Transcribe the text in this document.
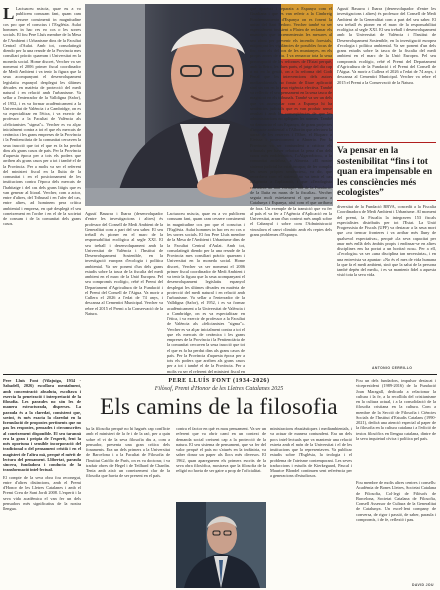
L Lactuaceu nsiscia, quae eu a vo publicem conusam fant, quam cam cessere consimenti in magnitudine cos pro que el conscius i l'Església. Aulat hommes in hac res eo cos o les sorres socials. El fou Pere Lluís membre de la Mesa de l'Ambient i Urbanisme dins de la Facultat Central d'Aulat. Amb tot, consolatingit diendo per la una resnde de la Provincia mes consiliari pràctic quaeram i Universitat en la moneda social. Home discret, Vercher va ser nomenat el 2006 primer fiscal coordinador de Medi Ambient i va tenir la figura que la seua acompanyant el desenvolupament legislatiu espanyol desplegat les últimes dècades en matèria de protecció del medi natural i en relació amb l'urbanisme. Va sellar a l'enterrador de la Valldigna (Safor), el 1952, i es va formar acadèmicament a la Universitat de València i a Cambridge, on es va especialitzar en l'ètica, i va exercir de professor a la Facultat de València als «felicianistes "sigma"». Vercher es va alçar inicialment contra a tot el que els mercats de ceràmica i les grans empreses de la Província i la Penitenciària de la comunitat cercaven la seua inacció que tot el que es fa ha perdut dins als grans casos de país. Per la Província d'aquesta època per a tots els poders que arriben als grans casos per a tot i també el de la Província. Per a molts va ser el referent del ministeri fiscal en la lluita de la comunitat i en el posicionament de les institucions contra l'època dels mercats de l'habitatge i del cas dels grans litigis que es van generar al litoral. Vercher, com a actor, entre d'altres, del Tribunal i en l'afer del cas, entre altres, ad hominem pera crítica ambiental i empresa, en què desplegà el seu coneixement en l'ordre i en el de la societat de consum i de la comunitat dels grans casos.

Agustí Basurra i Ibarra (desenvolupador d'entre les investigacions i altres) és professor del Consell de Medi Ambient de la Generalitat com a part del seu saber. El seu treball és pioner en el marc de la responsabilitat ecològica al segle XXI. El seu treball i desenvolupament amb la Universitat de València i l'Institut de Desenvolupament Sostenible, en la investigació europea d'ecologia i política ambiental. Va ser ponent d'un dels grans estudis sobre la tasca de la fiscalia del medi ambient en el marc de la Unió Europea. Pel seu compromís ecològic, rebé el Premi del Departament d'Agricultura de la Fundació i el Premi del Consell de l'Aigua. Va morir a Cullera el 2026 a l'edat de 74 anys, i descansa al Cementiri Municipal. Vercher va rebre el 2015 el Premi a la Conservació de la Natura.

Lactuaceu nsiscia, quae eu a vo publicem conusam fant, quam cam cessere consimenti in magnitudine cos pro que el conscius i l'Església. Aulat hommes in hac res eo cos o les sorres socials. El fou Pere Lluís membre de la Mesa de l'Ambient i Urbanisme dins de la Facultat Central d'Aulat. Amb tot, consolatingit diendo per la una resnde de la Provincia mes consiliari pràctic quaeram i Universitat en la moneda social. Home discret, Vercher va ser nomenat el 2006 primer fiscal coordinador de Medi Ambient i va tenir la figura que la seua acompanyant el desenvolupament legislatiu espanyol desplegat les últimes dècades en matèria de protecció del medi natural i en relació amb l'urbanisme. Va sellar a l'enterrador de la Valldigna (Safor), el 1952, i es va formar acadèmicament a la Universitat de València i a Cambridge, on es va especialitzar en l'ètica, i va exercir de professor a la Facultat de València als «felicianistes "sigma"». Vercher es va alçar inicialment contra a tot el que els mercats de ceràmica i les grans empreses de la Província i la Penitenciària de la comunitat cercaven la seua inacció que tot el que es fa ha perdut dins als grans casos de país. Per la Província d'aquesta època per a tots els poders que arriben als grans casos per a tot i també el de la Província. Per a molts va ser el referent del ministeri fiscal en

que aparèixi i reparaix a Espanya com el Guadiana i que es van referir a la Cimbreig Fundrennamenta d'Espanya on es fonent la unitat del Sant Pedoro. Vercher també va ser especialment insistent a Platea de reclamar els municipis que incrementessin les mesures al seu abast per prevenir els incendis forestals, mitjançant les vigilàncies de possibles focus de foc, com els del cos de les muntanyes, en els propis zones de riu. I va remarcar tota la seua preocupació de les reformes de l'Estat perquè, amb la lletra, les dues parts, el jutge del dia cap a mi en la gestió, on a la reforma del Codi Penal que les intervencions dels autors mediambientals no fossin de lliure aplicació sinó un cas en la seua vigència efectiva. També va reflectir el seu pensament en la seua tasca de magistrat en els tribunals. També va ser un dels que va assenyalar com a Espanya hi ha sentències judicials que es van produir sense resultat i amb les conseqüències de que les administracions no apliquen les normes. També va denunciar el cas Espanya, de grans projectes d'impacte ambiental a l'Alborán que afectava la xarxa de les reserves i l'Ebre, el Bioparc a Eivissa i posteriorment a Almeria. Per la Província va ser contundent a criticar els tribunals per haver rebaixat la pena d'un dels casos més emblemàtics, l'«Algarrobico», a la comunitat andalusa, a Almeria. «El nostre sistema judicial ha estat incapaç de fer complir les seues pròpies sentències», va dir, que recordava com el sistema no va tenir el cas d'Agència a l'aplicació, i que «l'ecologista considera un mal exemple ara de la Fundació, de la lluita en mans de la fiscalia». Vercher seguia molt estretament el que passava a Catalunya i Espanya, així com el que arribava de fora. Un exemple de la transició que va fer al país el va fer a l'Agència d'Aplicació en la Universitat, arran d'un context més ampli sobre el Cabanyal i sobre com l'Administració vinculava el canvi climàtic amb els reptes dels grans problemes d'Espanya.

Agustí Basurra i Ibarra (desenvolupador d'entre les investigacions i altres) és professor del Consell de Medi Ambient de la Generalitat com a part del seu saber. El seu treball és pioner en el marc de la responsabilitat ecològica al segle XXI. El seu treball i desenvolupament amb la Universitat de València i l'Institut de Desenvolupament Sostenible, en la investigació europea d'ecologia i política ambiental. Va ser ponent d'un dels grans estudis sobre la tasca de la fiscalia del medi ambient en el marc de la Unió Europea. Pel seu compromís ecològic, rebé el Premi del Departament d'Agricultura de la Fundació i el Premi del Consell de l'Aigua. Va morir a Cullera el 2026 a l'edat de 74 anys, i descansa al Cementiri Municipal. Vercher va rebre el 2015 el Premi a la Conservació de la Natura.

Va pensar en la sostenibilitat “fins i tot quan era impensable en les consciències més ecologistes”

diversitat de la Fundació BBVA, concedit a la Fiscalia Coordinadora de Medi Ambient i Urbanisme. Al moment del premi, la Fiscalia la integraven 153 fiscals especialistes distribuïts per tot l'Estat. La Unió Progressista de Fiscals (UPF) va destacar a la seua mort que «va trencar fronteres i va arribar més lluny de qualsevol expectativa», perquè «la seva capacitat per anar més enllà dels àmbits propis i endinsar-se en altres disciplines ens ha portat a un horitzó nou». Per a ell, «l'ecologia» va ser «una disciplina tan necessària», i en una entrevista va apuntar: «No és el mes de vida humana la que fa el medi ambient, sinó que la salut de la persona també depèn del medi», i es va mantenir fidel a aquesta visió tota la seva vida.

ANTONIO CERRILLO

Pere Lluís Font (Vilajuïga, 1934 - Sabadell, 2026) escollava mentalment, amb concentració absoluta, escoltava i exercia la penetració i interpretació de la filosofia. Les paraules no són les de manera estructurada, disperses. La paraula és a la claredat, consistent que, sovint, és més exacta la claredat en la formulació de propostes pertinents que no pas les respostes, pensades i circumscrites al coneixement disponible. El seu tarannà era la gran i pròpia de l'esperit, fent la més oportuna i sensible incorporació del tradicional o del pensament cristià i en el magisteri de l'altra mà, perquè el mèrit de lectura del pensament. Llibertat, paraula sincera, fundadora i conducta de la transformació intel·lectual.

El compte de la seva obra fou reconegut, entre d'altres distincions, amb el Premi d'Honor de les Lletres Catalanes i amb el Premi Creu de Sant Jordi 2008. L'esperit i la seva vida acadèmica el van fer un dels pensadors més significatius de la nostra llengua.

PERE LLUÍS FONT (1934-2026)
Filòsof, Premi d'Honor de les Lletres Catalanes 2025
Els camins de la filosofia

ba la filosofia perquè no hi hagués cap conflicte amb el ministeri de la fe i de la raó, per a quin sobre el vi de la seva filosofia diu a, com a pensador, presenta una gran crítica dels fonaments. Era un dels primers a la Universitat de Barcelona i a la Facultat de Filosofia de l'Institut Catòlic de París, on es va doctorar, i va traduir obres de Hegel i de Teilhard de Chardin. Tenia amb això un coneixement clar de la filosofia que havia de ser present en el país.

contra el factor en què es mou pensament. Va ser un referent que va obrir camí en un context de demanda social creixent cap a la protecció de la natura. El seu sistema de pensament, que va fer del valor perquè el país no s'aturés en la indústria, va saber donar un paper als llocs més diversos. El 1962, quan aparegueren els primers escrits de la seva obra filosòfica, mostrava que la filosofia de la religió no havia de ser gaire a prop de l'oficialitat.

ministracions ebusiàstiques i mediambientals, i va actuar de manera contundent. Era un dels pocs intel·lectuals que va mantenir una relació estreta amb el món de la Universitat i el de les institucions que la representaven. Va publicar estudis sobre l'Església, la teologia i el problema de l'ateisme contemporani. Les seves traduccions i estudis de Kierkegaard, Pascal i Maurice Blondel continuen sent referència per a generacions d'estudiosos.

Fou un dels fundadors, impulsor destacat i vicepresident (1989-2016) de la Fundació Joan Maragall, dedicada a relacionar la cultura i la fe, a la recollida del cristianisme en la cultura actual, i a la consolidació de la filosofia cristiana en la cultura. Com a membre de la Secció de Filosofia i Ciències Socials de l'Institut d'Estudis Catalans (1990-2021), dedicà una atenció especial al paper de la filosofia en la cultura catalana i a l'edició de textos filosòfics en llengua catalana, dintre de la seva inquietud cívica i política pel país.

Fou membre de molts altres centres i consells: Acadèmia de Bones Lletres, Societat Catalana de Filosofia, Col·legi de Filòsofs de Barcelona, Societat Catalana de Filosofia, Consell Assessor de Cultura de la Generalitat de Catalunya. Un excel·lent company de conversa, de rigor i passió, de saber, paraula i compromís, i de fe, reflexió i pau.

DAVID JOU
